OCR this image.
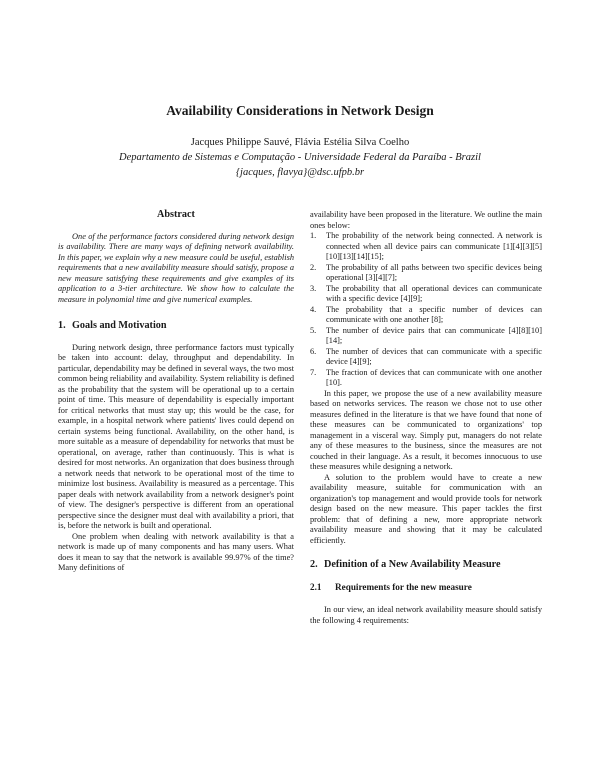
Availability Considerations in Network Design
Jacques Philippe Sauvé, Flávia Estélia Silva Coelho
Departamento de Sistemas e Computação - Universidade Federal da Paraíba - Brazil
{jacques, flavya}@dsc.ufpb.br
Abstract

One of the performance factors considered during network design is availability. There are many ways of defining network availability. In this paper, we explain why a new measure could be useful, establish requirements that a new availability measure should satisfy, propose a new measure satisfying these requirements and give examples of its application to a 3-tier architecture. We show how to calculate the measure in polynomial time and give numerical examples.

1. Goals and Motivation

During network design, three performance factors must typically be taken into account: delay, throughput and dependability. In particular, dependability may be defined in several ways, the two most common being reliability and availability. System reliability is defined as the probability that the system will be operational up to a certain point of time. This measure of dependability is especially important for critical networks that must stay up; this would be the case, for example, in a hospital network where patients' lives could depend on certain systems being functional. Availability, on the other hand, is more suitable as a measure of dependability for networks that must be operational, on average, rather than continuously. This is what is desired for most networks. An organization that does business through a network needs that network to be operational most of the time to minimize lost business. Availability is measured as a percentage. This paper deals with network availability from a network designer's point of view. The designer's perspective is different from an operational perspective since the designer must deal with availability a priori, that is, before the network is built and operational.

One problem when dealing with network availability is that a network is made up of many components and has many users. What does it mean to say that the network is available 99.97% of the time? Many definitions of

availability have been proposed in the literature. We outline the main ones below:

1. The probability of the network being connected. A network is connected when all device pairs can communicate [1][4][3][5][10][13][14][15];
2. The probability of all paths between two specific devices being operational [3][4][7];
3. The probability that all operational devices can communicate with a specific device [4][9];
4. The probability that a specific number of devices can communicate with one another [8];
5. The number of device pairs that can communicate [4][8][10][14];
6. The number of devices that can communicate with a specific device [4][9];
7. The fraction of devices that can communicate with one another [10].

In this paper, we propose the use of a new availability measure based on networks services. The reason we chose not to use other measures defined in the literature is that we have found that none of these measures can be communicated to organizations' top management in a visceral way. Simply put, managers do not relate any of these measures to the business, since the measures are not couched in their language. As a result, it becomes innocuous to use these measures while designing a network.

A solution to the problem would have to create a new availability measure, suitable for communication with an organization's top management and would provide tools for network design based on the new measure. This paper tackles the first problem: that of defining a new, more appropriate network availability measure and showing that it may be calculated efficiently.

2. Definition of a New Availability Measure
2.1 Requirements for the new measure

In our view, an ideal network availability measure should satisfy the following 4 requirements:
